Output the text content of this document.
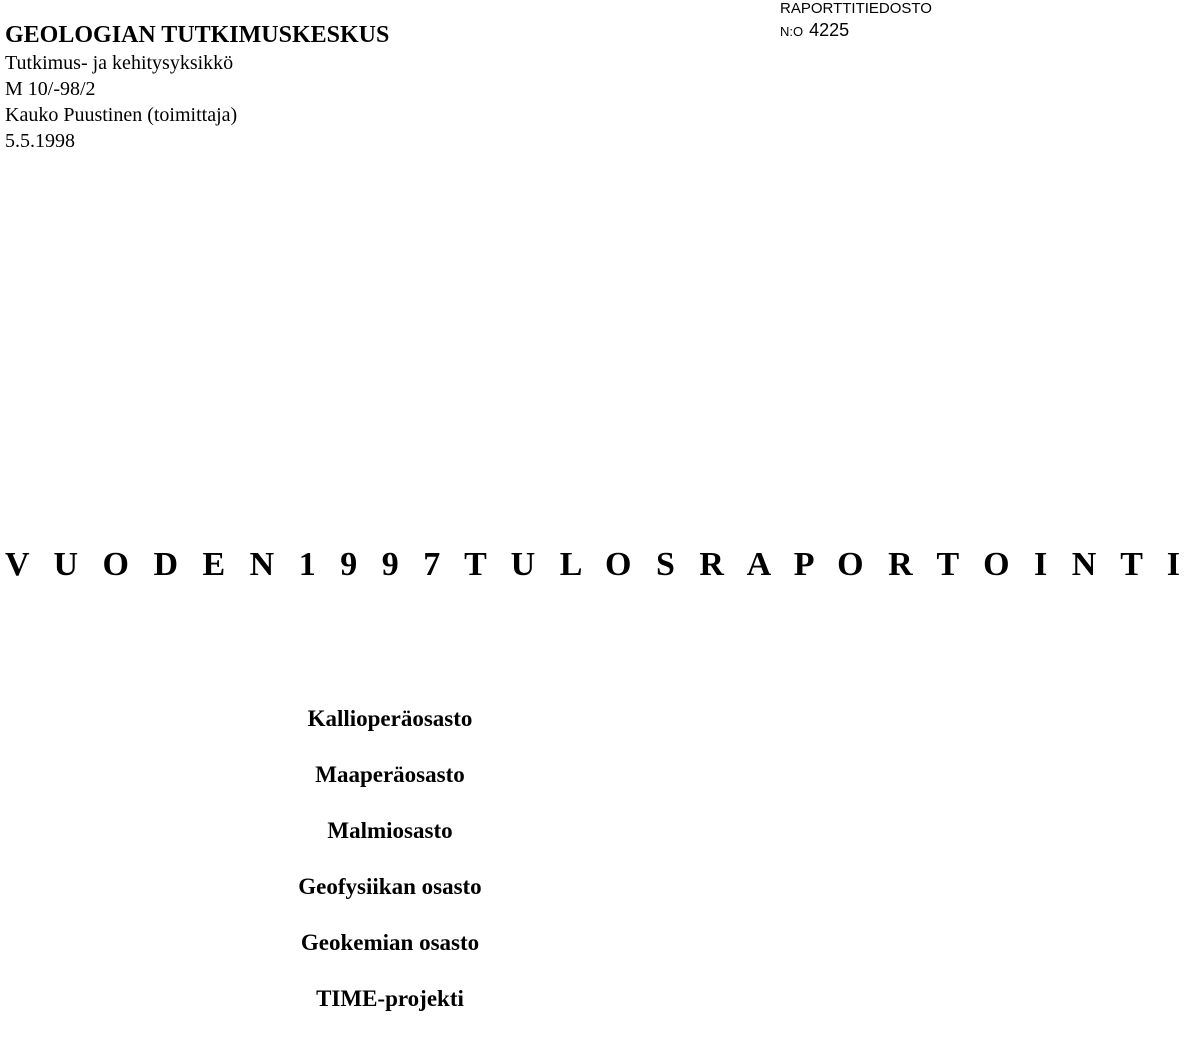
GEOLOGIAN TUTKIMUSKESKUS

Tutkimus- ja kehitysyksikkö

M 10/-98/2

Kauko Puustinen (toimittaja)

5.5.1998

RAPORTTITIEDOSTO
N:O 4225
V U O D E N 1 9 9 7 T U L O S R A P O R T O I N T I
Kallioperäosasto
Maaperäosasto
Malmiosasto
Geofysiikan osasto
Geokemian osasto
TIME-projekti
